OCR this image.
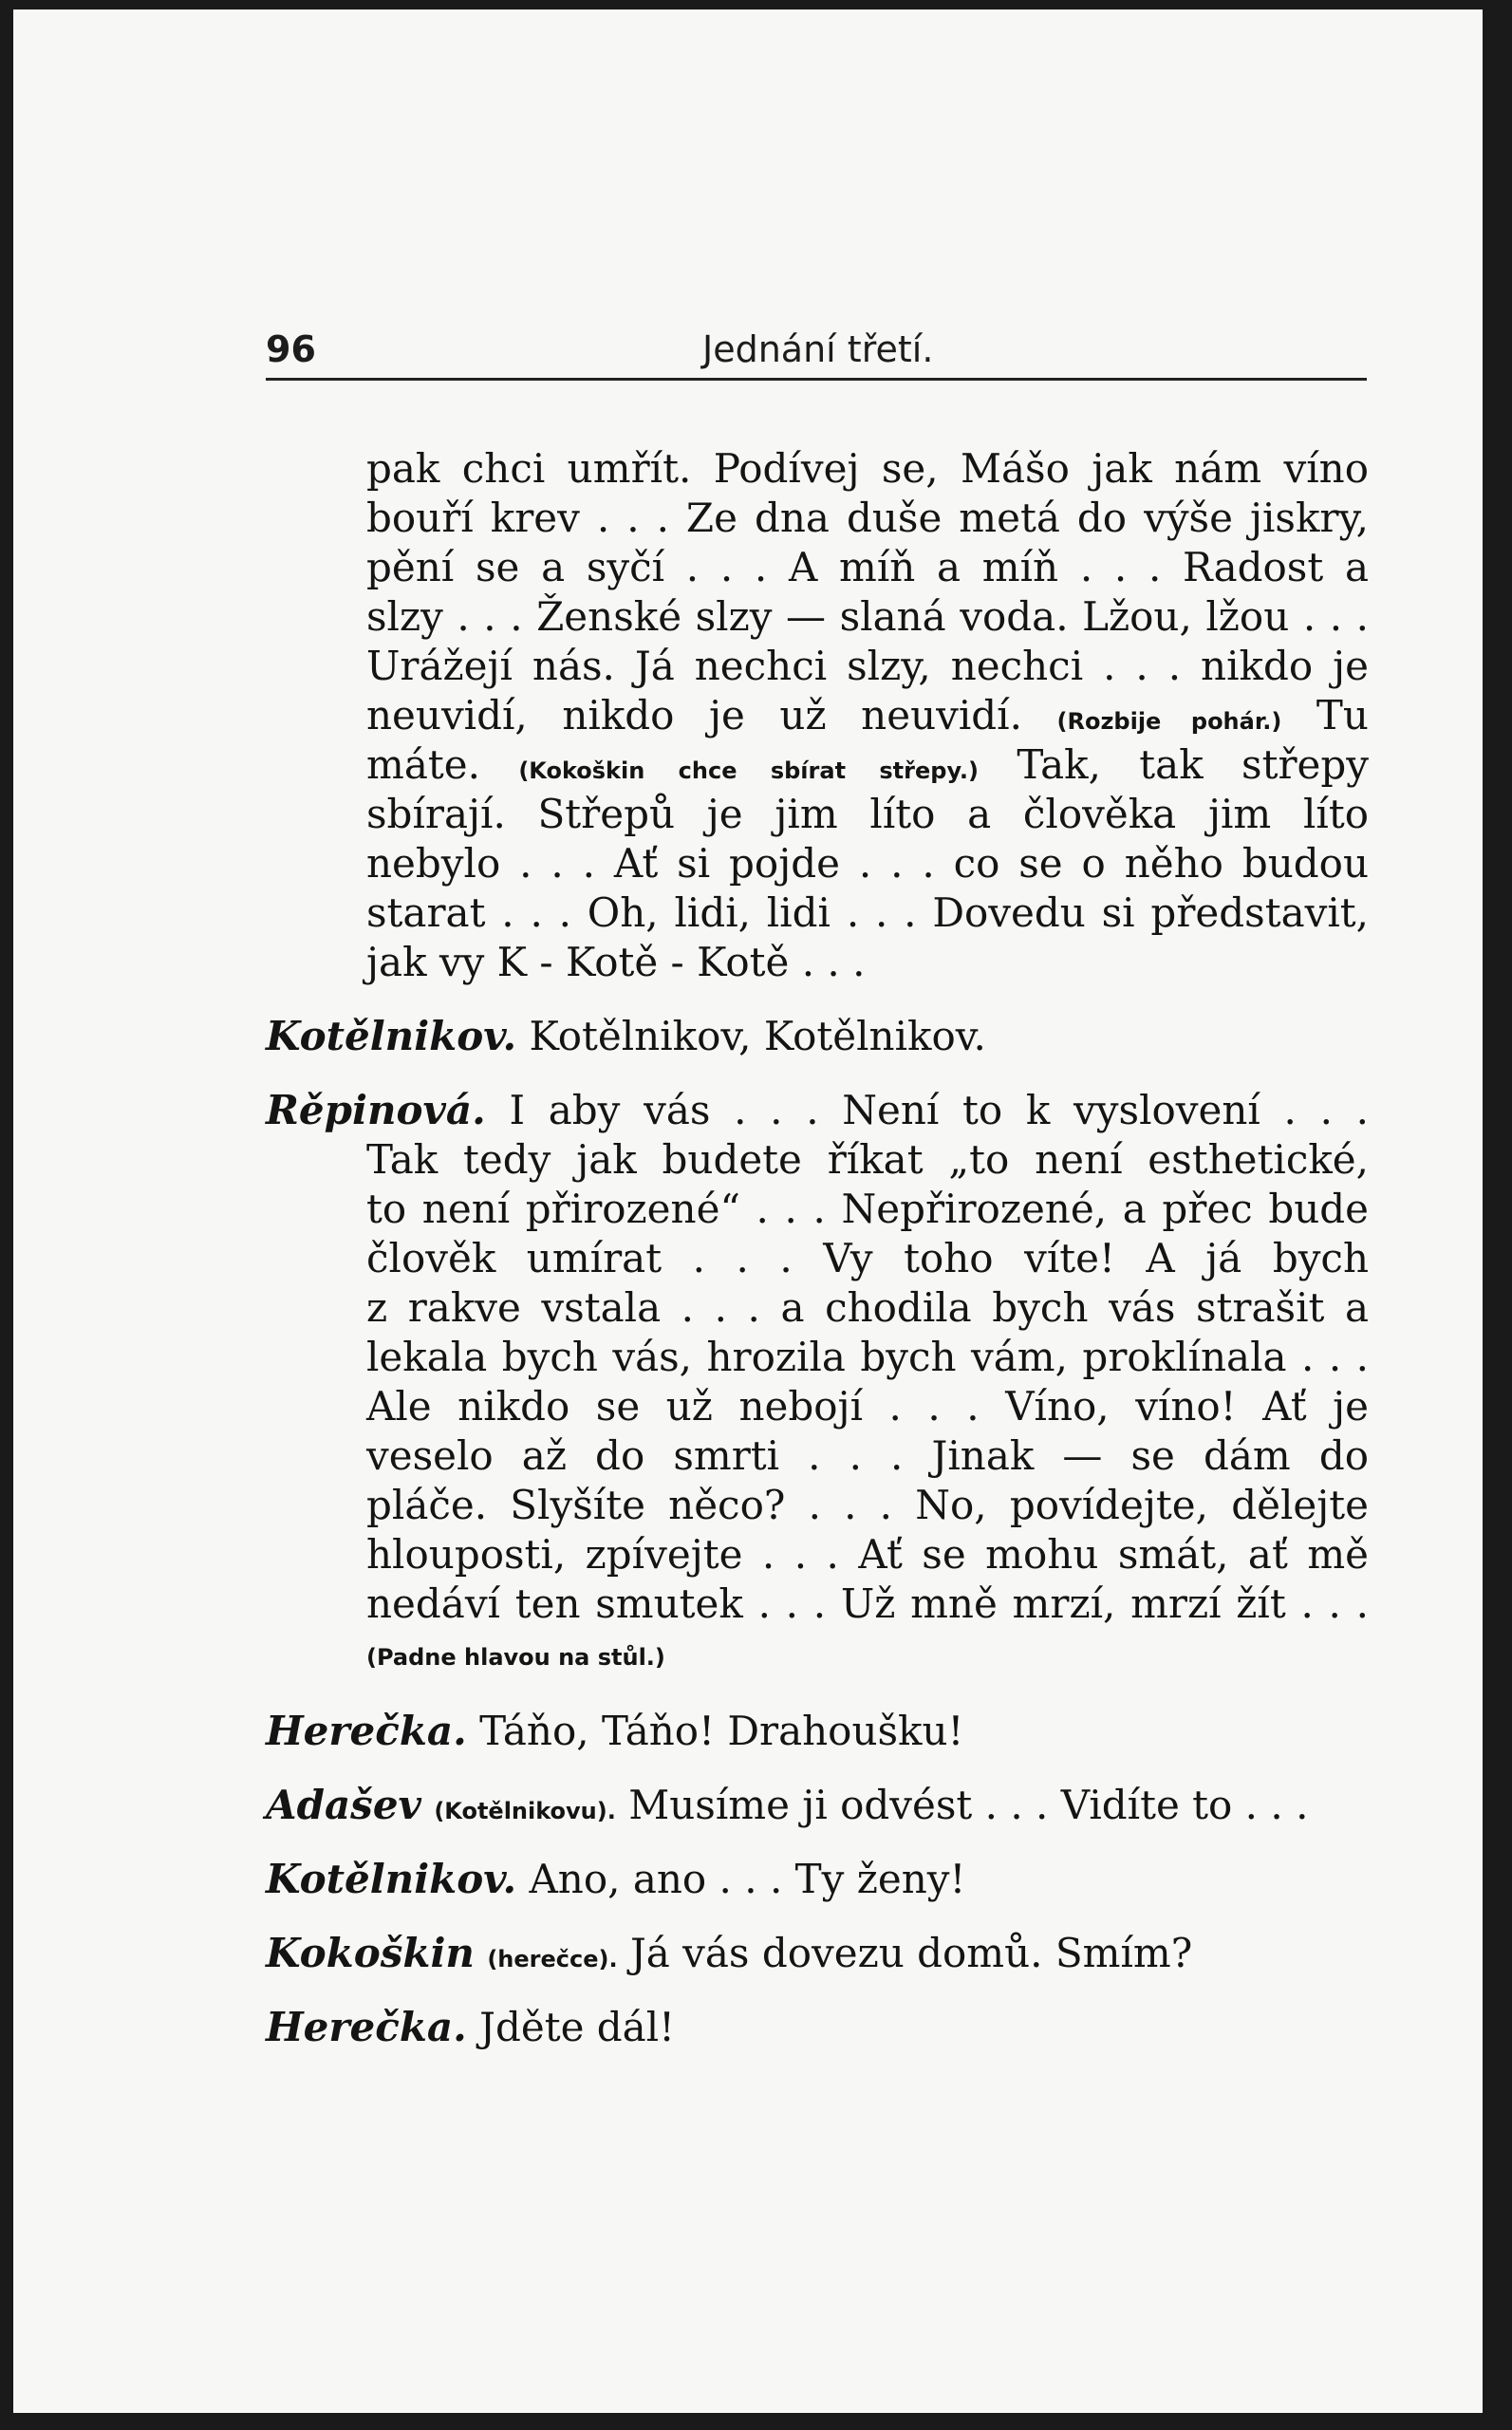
96	Jednání třetí.

pak chci umřít. Podívej se, Mášo jak nám víno

bouří krev . . . Ze dna duše metá do výše jiskry,

pění se a syčí . . . A míň a míň . . . Radost a

slzy . . . Ženské slzy — slaná voda. Lžou, lžou . . .

Urážejí nás. Já nechci slzy, nechci . . . nikdo je

neuvidí, nikdo je už neuvidí. (Rozbije pohár.) Tu

máte. (Kokoškin chce sbírat střepy.) Tak, tak střepy

sbírají. Střepů je jim líto a člověka jim líto

nebylo . . . Ať si pojde . . . co se o něho budou

starat . . . Oh, lidi, lidi . . . Dovedu si představit,

jak vy K - Kotě - Kotě . . .

Kotělnikov. Kotělnikov, Kotělnikov.

Rěpinová. I aby vás . . . Není to k vyslovení . . .

Tak tedy jak budete říkat „to není esthetické,

to není přirozené“ . . . Nepřirozené, a přec bude

člověk umírat . . . Vy toho víte! A já bych

z rakve vstala . . . a chodila bych vás strašit a

lekala bych vás, hrozila bych vám, proklínala . . .

Ale nikdo se už nebojí . . . Víno, víno! Ať je

veselo až do smrti . . . Jinak — se dám do

pláče. Slyšíte něco? . . . No, povídejte, dělejte

hlouposti, zpívejte . . . Ať se mohu smát, ať mě

nedáví ten smutek . . . Už mně mrzí, mrzí žít . . .

(Padne hlavou na stůl.)

Herečka. Táňo, Táňo! Drahoušku!

Adašev (Kotělnikovu). Musíme ji odvést . . . Vidíte to . . .

Kotělnikov. Ano, ano . . . Ty ženy!

Kokoškin (herečce). Já vás dovezu domů. Smím?

Herečka. Jděte dál!
